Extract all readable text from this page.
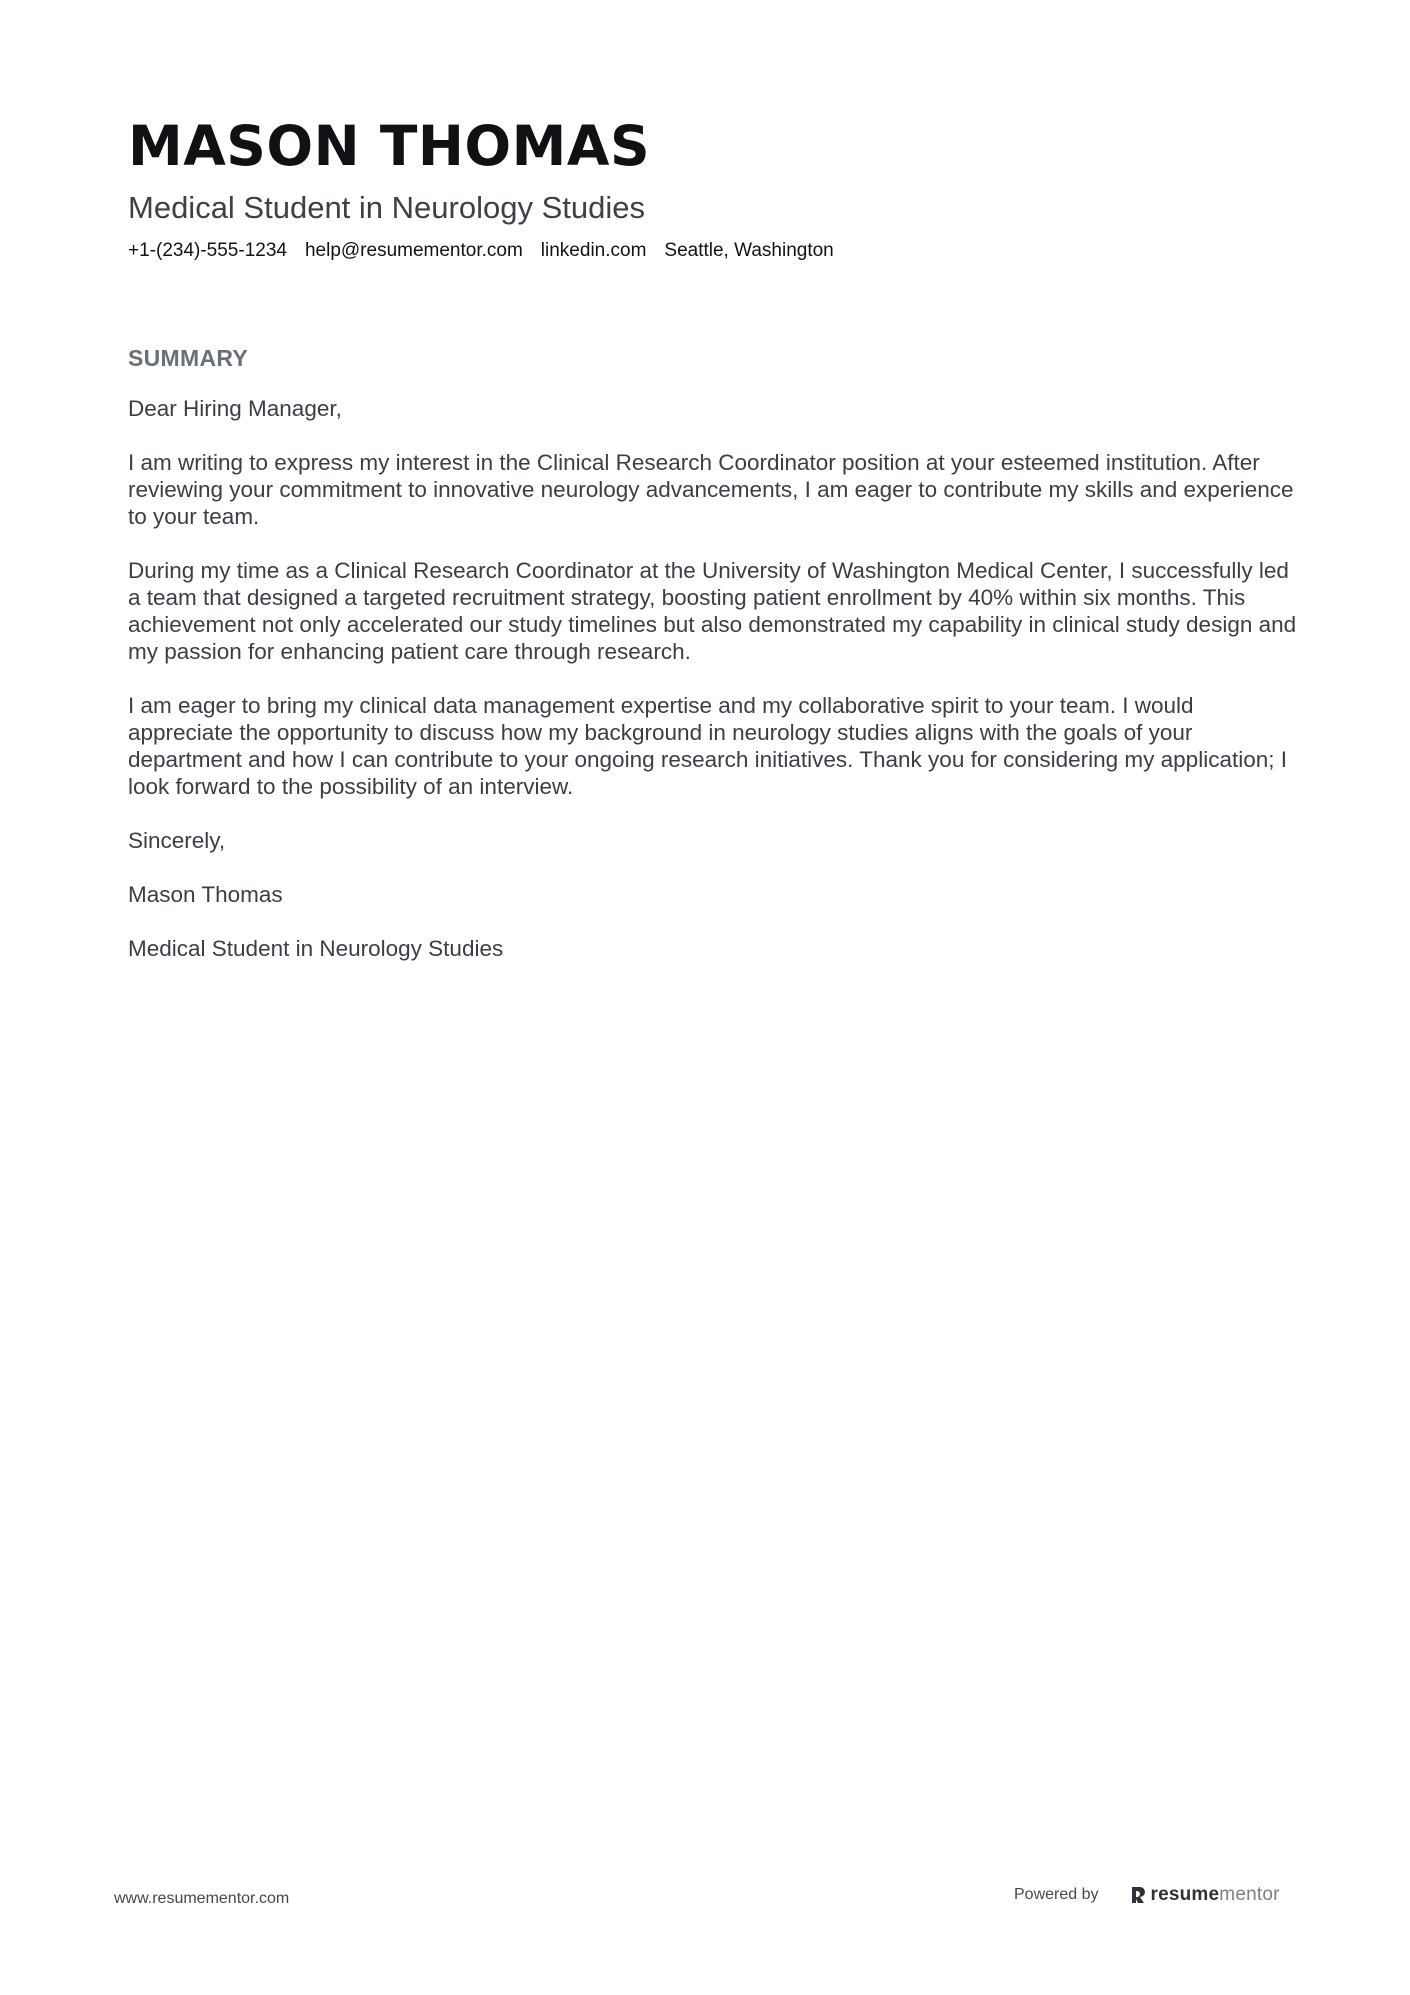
MASON THOMAS
Medical Student in Neurology Studies
+1-(234)-555-1234 help@resumementor.com linkedin.com Seattle, Washington
SUMMARY

Dear Hiring Manager,

I am writing to express my interest in the Clinical Research Coordinator position at your esteemed institution. After reviewing your commitment to innovative neurology advancements, I am eager to contribute my skills and experience to your team.

During my time as a Clinical Research Coordinator at the University of Washington Medical Center, I successfully led a team that designed a targeted recruitment strategy, boosting patient enrollment by 40% within six months. This achievement not only accelerated our study timelines but also demonstrated my capability in clinical study design and my passion for enhancing patient care through research.

I am eager to bring my clinical data management expertise and my collaborative spirit to your team. I would appreciate the opportunity to discuss how my background in neurology studies aligns with the goals of your department and how I can contribute to your ongoing research initiatives. Thank you for considering my application; I look forward to the possibility of an interview.

Sincerely,

Mason Thomas

Medical Student in Neurology Studies

www.resumementor.com	Powered by	resumementor
